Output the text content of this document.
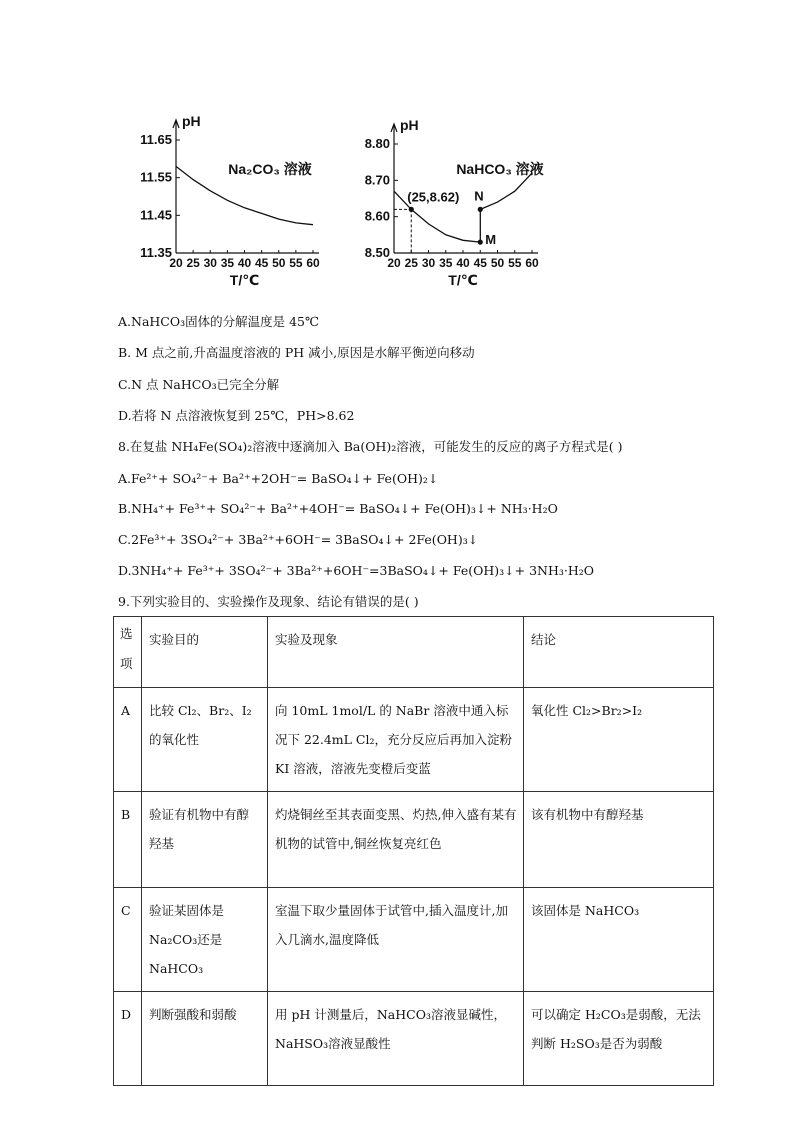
pH
20 25 30 35 40 45 50 55 60
11.65
11.55
11.45
11.35
T/℃
Na₂CO₃ 溶液
pH
20 25 30 35 40 45 50 55 60
8.80
8.70
8.60
8.50
T/℃
(25,8.62) N
M
NaHCO₃ 溶液
A.NaHCO₃固体的分解温度是 45℃
B. M 点之前,升高温度溶液的 PH 减小,原因是水解平衡逆向移动
C.N 点 NaHCO₃已完全分解
D.若将 N 点溶液恢复到 25℃，PH>8.62
8.在复盐 NH₄Fe(SO₄)₂溶液中逐滴加入 Ba(OH)₂溶液，可能发生的反应的离子方程式是( )
A.Fe²⁺+ SO₄²⁻+ Ba²⁺+2OH⁻= BaSO₄↓+ Fe(OH)₂↓
B.NH₄⁺+ Fe³⁺+ SO₄²⁻+ Ba²⁺+4OH⁻= BaSO₄↓+ Fe(OH)₃↓+ NH₃·H₂O
C.2Fe³⁺+ 3SO₄²⁻+ 3Ba²⁺+6OH⁻= 3BaSO₄↓+ 2Fe(OH)₃↓
D.3NH₄⁺+ Fe³⁺+ 3SO₄²⁻+ 3Ba²⁺+6OH⁻=3BaSO₄↓+ Fe(OH)₃↓+ 3NH₃·H₂O
9.下列实验目的、实验操作及现象、结论有错误的是( )
选项	实验目的	实验及现象	结论
A	比较 Cl₂、Br₂、I₂ 的氧化性	向 10mL 1mol/L 的 NaBr 溶液中通入标况下 22.4mL Cl₂，充分反应后再加入淀粉 KI 溶液，溶液先变橙后变蓝	氧化性 Cl₂>Br₂>I₂
B	验证有机物中有醇羟基	灼烧铜丝至其表面变黑、灼热,伸入盛有某有机物的试管中,铜丝恢复亮红色	该有机物中有醇羟基
C	验证某固体是 Na₂CO₃还是 NaHCO₃	室温下取少量固体于试管中,插入温度计,加入几滴水,温度降低	该固体是 NaHCO₃
D	判断强酸和弱酸	用 pH 计测量后，NaHCO₃溶液显碱性，NaHSO₃溶液显酸性	可以确定 H₂CO₃是弱酸，无法判断 H₂SO₃是否为弱酸
